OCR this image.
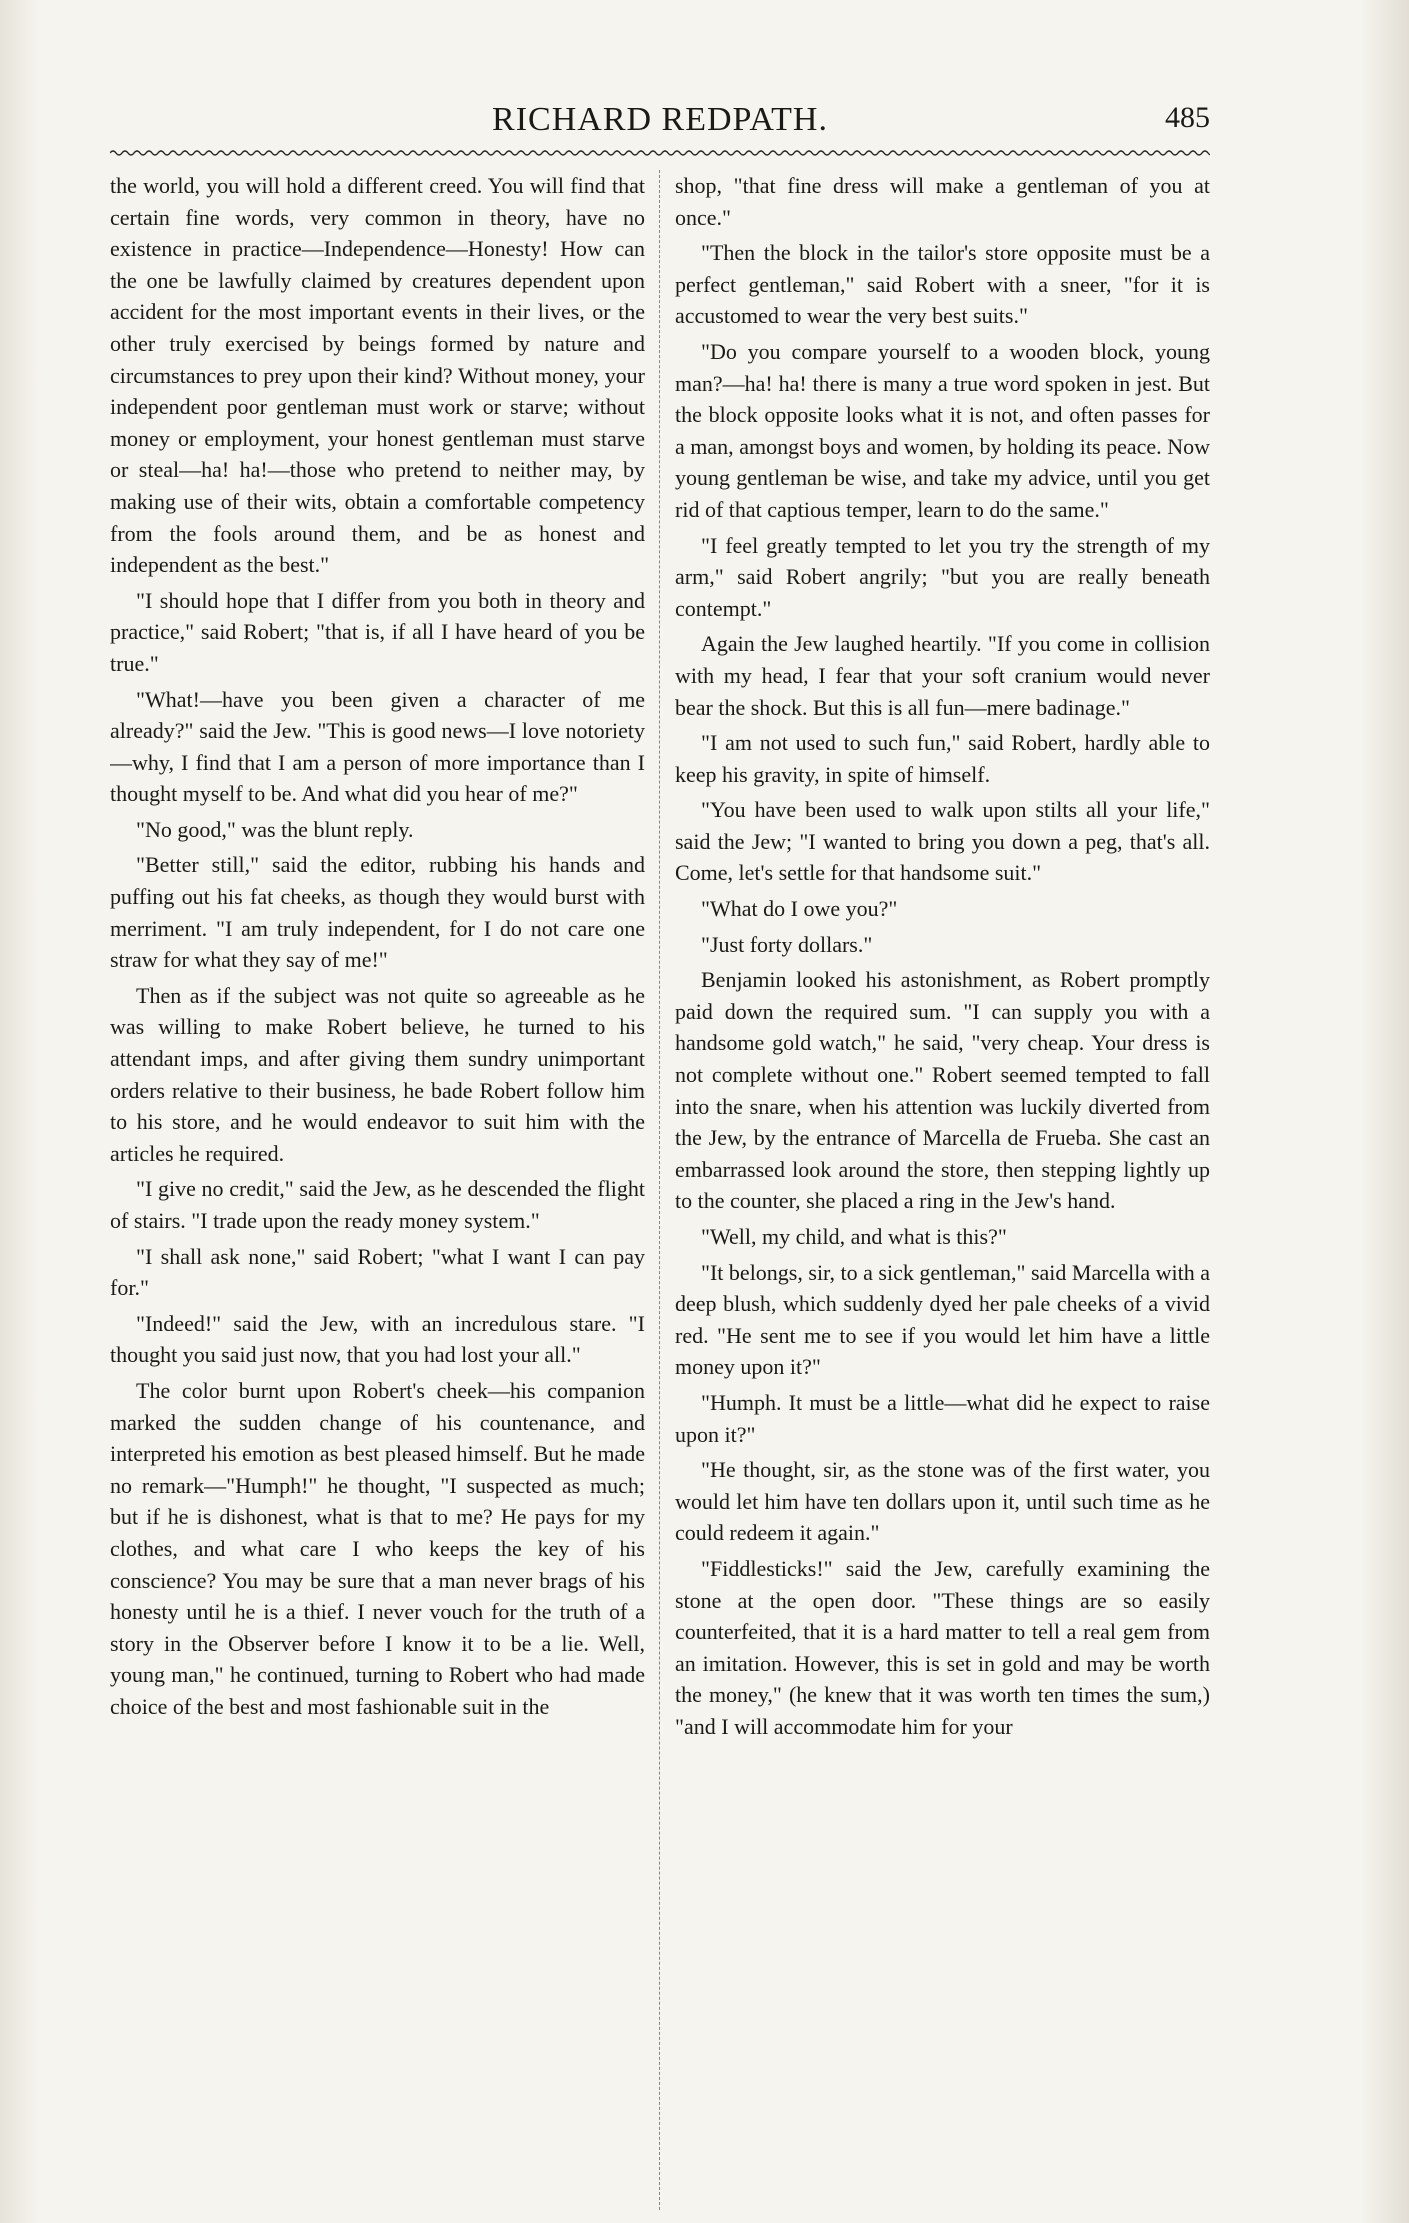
RICHARD REDPATH.	485

the world, you will hold a different creed. You will find that certain fine words, very common in theory, have no existence in practice—Independence—Honesty! How can the one be lawfully claimed by creatures dependent upon accident for the most important events in their lives, or the other truly exercised by beings formed by nature and circumstances to prey upon their kind? Without money, your independent poor gentleman must work or starve; without money or employment, your honest gentleman must starve or steal—ha! ha!—those who pretend to neither may, by making use of their wits, obtain a comfortable competency from the fools around them, and be as honest and independent as the best."

"I should hope that I differ from you both in theory and practice," said Robert; "that is, if all I have heard of you be true."

"What!—have you been given a character of me already?" said the Jew. "This is good news—I love notoriety—why, I find that I am a person of more importance than I thought myself to be. And what did you hear of me?"

"No good," was the blunt reply.

"Better still," said the editor, rubbing his hands and puffing out his fat cheeks, as though they would burst with merriment. "I am truly independent, for I do not care one straw for what they say of me!"

Then as if the subject was not quite so agreeable as he was willing to make Robert believe, he turned to his attendant imps, and after giving them sundry unimportant orders relative to their business, he bade Robert follow him to his store, and he would endeavor to suit him with the articles he required.

"I give no credit," said the Jew, as he descended the flight of stairs. "I trade upon the ready money system."

"I shall ask none," said Robert; "what I want I can pay for."

"Indeed!" said the Jew, with an incredulous stare. "I thought you said just now, that you had lost your all."

The color burnt upon Robert's cheek—his companion marked the sudden change of his countenance, and interpreted his emotion as best pleased himself. But he made no remark—"Humph!" he thought, "I suspected as much; but if he is dishonest, what is that to me? He pays for my clothes, and what care I who keeps the key of his conscience? You may be sure that a man never brags of his honesty until he is a thief. I never vouch for the truth of a story in the Observer before I know it to be a lie. Well, young man," he continued, turning to Robert who had made choice of the best and most fashionable suit in the

shop, "that fine dress will make a gentleman of you at once."

"Then the block in the tailor's store opposite must be a perfect gentleman," said Robert with a sneer, "for it is accustomed to wear the very best suits."

"Do you compare yourself to a wooden block, young man?—ha! ha! there is many a true word spoken in jest. But the block opposite looks what it is not, and often passes for a man, amongst boys and women, by holding its peace. Now young gentleman be wise, and take my advice, until you get rid of that captious temper, learn to do the same."

"I feel greatly tempted to let you try the strength of my arm," said Robert angrily; "but you are really beneath contempt."

Again the Jew laughed heartily. "If you come in collision with my head, I fear that your soft cranium would never bear the shock. But this is all fun—mere badinage."

"I am not used to such fun," said Robert, hardly able to keep his gravity, in spite of himself.

"You have been used to walk upon stilts all your life," said the Jew; "I wanted to bring you down a peg, that's all. Come, let's settle for that handsome suit."

"What do I owe you?"

"Just forty dollars."

Benjamin looked his astonishment, as Robert promptly paid down the required sum. "I can supply you with a handsome gold watch," he said, "very cheap. Your dress is not complete without one." Robert seemed tempted to fall into the snare, when his attention was luckily diverted from the Jew, by the entrance of Marcella de Frueba. She cast an embarrassed look around the store, then stepping lightly up to the counter, she placed a ring in the Jew's hand.

"Well, my child, and what is this?"

"It belongs, sir, to a sick gentleman," said Marcella with a deep blush, which suddenly dyed her pale cheeks of a vivid red. "He sent me to see if you would let him have a little money upon it?"

"Humph. It must be a little—what did he expect to raise upon it?"

"He thought, sir, as the stone was of the first water, you would let him have ten dollars upon it, until such time as he could redeem it again."

"Fiddlesticks!" said the Jew, carefully examining the stone at the open door. "These things are so easily counterfeited, that it is a hard matter to tell a real gem from an imitation. However, this is set in gold and may be worth the money," (he knew that it was worth ten times the sum,) "and I will accommodate him for your
